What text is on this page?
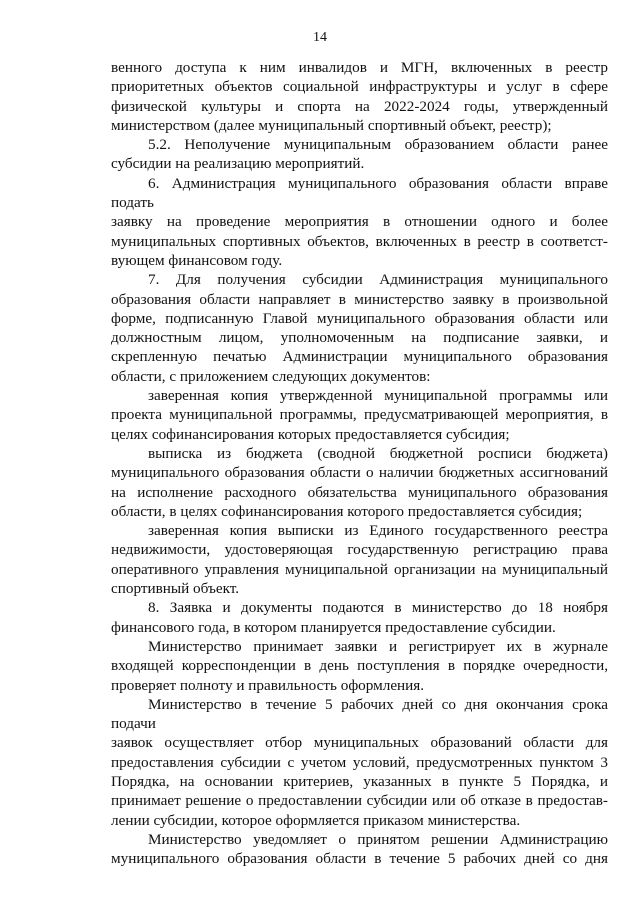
14

венного доступа к ним инвалидов и МГН, включенных в реестр

приоритетных объектов социальной инфраструктуры и услуг в сфере

физической культуры и спорта на 2022-2024 годы, утвержденный

министерством (далее муниципальный спортивный объект, реестр);

5.2. Неполучение муниципальным образованием области ранее

субсидии на реализацию мероприятий.

6. Администрация муниципального образования области вправе подать

заявку на проведение мероприятия в отношении одного и более

муниципальных спортивных объектов, включенных в реестр в соответст-

вующем финансовом году.

7. Для получения субсидии Администрация муниципального

образования области направляет в министерство заявку в произвольной

форме, подписанную Главой муниципального образования области или

должностным лицом, уполномоченным на подписание заявки, и

скрепленную печатью Администрации муниципального образования

области, с приложением следующих документов:

заверенная копия утвержденной муниципальной программы или

проекта муниципальной программы, предусматривающей мероприятия, в

целях софинансирования которых предоставляется субсидия;

выписка из бюджета (сводной бюджетной росписи бюджета)

муниципального образования области о наличии бюджетных ассигнований

на исполнение расходного обязательства муниципального образования

области, в целях софинансирования которого предоставляется субсидия;

заверенная копия выписки из Единого государственного реестра

недвижимости, удостоверяющая государственную регистрацию права

оперативного управления муниципальной организации на муниципальный

спортивный объект.

8. Заявка и документы подаются в министерство до 18 ноября

финансового года, в котором планируется предоставление субсидии.

Министерство принимает заявки и регистрирует их в журнале

входящей корреспонденции в день поступления в порядке очередности,

проверяет полноту и правильность оформления.

Министерство в течение 5 рабочих дней со дня окончания срока подачи

заявок осуществляет отбор муниципальных образований области для

предоставления субсидии с учетом условий, предусмотренных пунктом 3

Порядка, на основании критериев, указанных в пункте 5 Порядка, и

принимает решение о предоставлении субсидии или об отказе в предостав-

лении субсидии, которое оформляется приказом министерства.

Министерство уведомляет о принятом решении Администрацию

муниципального образования области в течение 5 рабочих дней со дня
